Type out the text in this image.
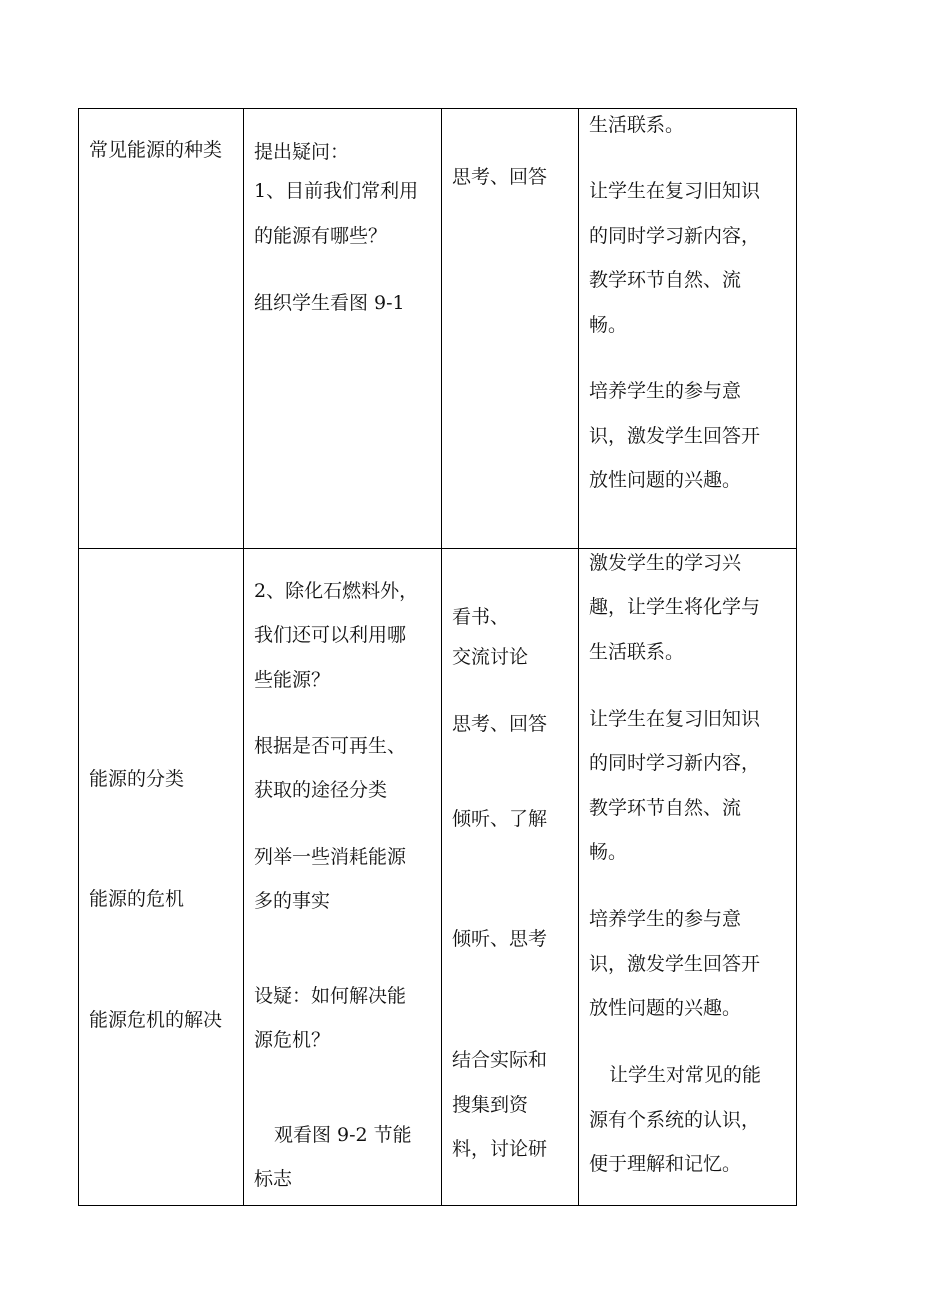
常见能源的种类 提出疑问：
1、目前我们常利用
的能源有哪些？
组织学生看图 9-1
思考、回答
生活联系。
让学生在复习旧知识
的同时学习新内容，
教学环节自然、流
畅。
培养学生的参与意
识，激发学生回答开
放性问题的兴趣。
能源的分类
能源的危机
能源危机的解决
2、除化石燃料外，
我们还可以利用哪
些能源？
根据是否可再生、
获取的途径分类
列举一些消耗能源
多的事实
设疑：如何解决能
源危机？
观看图 9-2 节能
标志
看书、
交流讨论
思考、回答
倾听、了解
倾听、思考
结合实际和
搜集到资
料，讨论研
激发学生的学习兴
趣，让学生将化学与
生活联系。
让学生在复习旧知识
的同时学习新内容，
教学环节自然、流
畅。
培养学生的参与意
识，激发学生回答开
放性问题的兴趣。
让学生对常见的能
源有个系统的认识，
便于理解和记忆。
